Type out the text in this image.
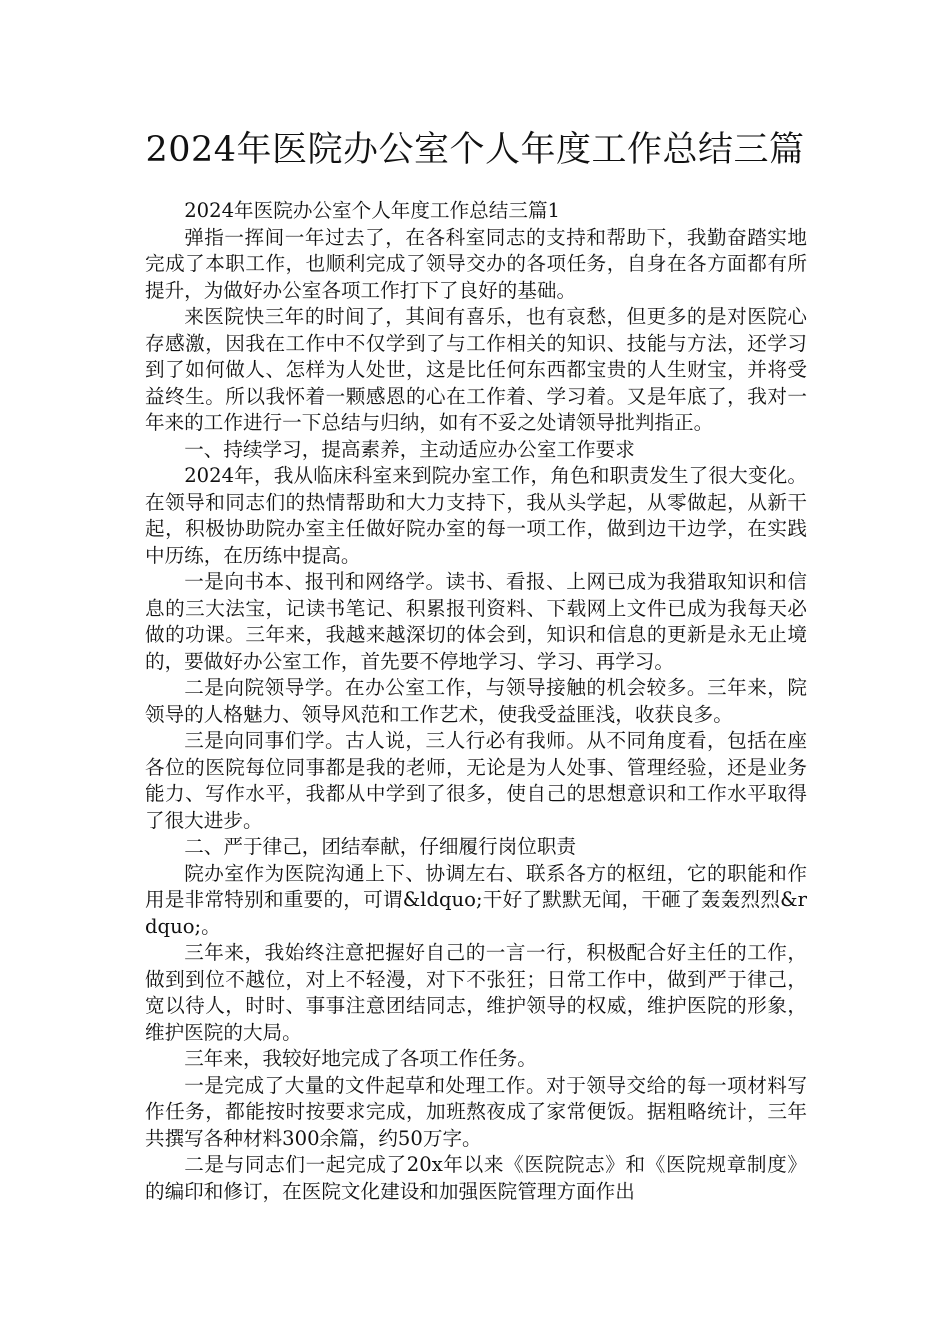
2024年医院办公室个人年度工作总结三篇

2024年医院办公室个人年度工作总结三篇1

弹指一挥间一年过去了，在各科室同志的支持和帮助下，我勤奋踏实地完成了本职工作，也顺利完成了领导交办的各项任务，自身在各方面都有所提升，为做好办公室各项工作打下了良好的基础。

来医院快三年的时间了，其间有喜乐，也有哀愁，但更多的是对医院心存感激，因我在工作中不仅学到了与工作相关的知识、技能与方法，还学习到了如何做人、怎样为人处世，这是比任何东西都宝贵的人生财宝，并将受益终生。所以我怀着一颗感恩的心在工作着、学习着。又是年底了，我对一年来的工作进行一下总结与归纳，如有不妥之处请领导批判指正。

一、持续学习，提高素养，主动适应办公室工作要求

2024年，我从临床科室来到院办室工作，角色和职责发生了很大变化。在领导和同志们的热情帮助和大力支持下，我从头学起，从零做起，从新干起，积极协助院办室主任做好院办室的每一项工作，做到边干边学，在实践中历练，在历练中提高。

一是向书本、报刊和网络学。读书、看报、上网已成为我猎取知识和信息的三大法宝，记读书笔记、积累报刊资料、下载网上文件已成为我每天必做的功课。三年来，我越来越深切的体会到，知识和信息的更新是永无止境的，要做好办公室工作，首先要不停地学习、学习、再学习。

二是向院领导学。在办公室工作，与领导接触的机会较多。三年来，院领导的人格魅力、领导风范和工作艺术，使我受益匪浅，收获良多。

三是向同事们学。古人说，三人行必有我师。从不同角度看，包括在座各位的医院每位同事都是我的老师，无论是为人处事、管理经验，还是业务能力、写作水平，我都从中学到了很多，使自己的思想意识和工作水平取得了很大进步。

二、严于律己，团结奉献，仔细履行岗位职责

院办室作为医院沟通上下、协调左右、联系各方的枢纽，它的职能和作用是非常特别和重要的，可谓&ldquo;干好了默默无闻，干砸了轰轰烈烈&rdquo;。

三年来，我始终注意把握好自己的一言一行，积极配合好主任的工作，做到到位不越位，对上不轻漫，对下不张狂；日常工作中，做到严于律己，宽以待人，时时、事事注意团结同志，维护领导的权威，维护医院的形象，维护医院的大局。

三年来，我较好地完成了各项工作任务。

一是完成了大量的文件起草和处理工作。对于领导交给的每一项材料写作任务，都能按时按要求完成，加班熬夜成了家常便饭。据粗略统计，三年共撰写各种材料300余篇，约50万字。

二是与同志们一起完成了20x年以来《医院院志》和《医院规章制度》的编印和修订，在医院文化建设和加强医院管理方面作出
